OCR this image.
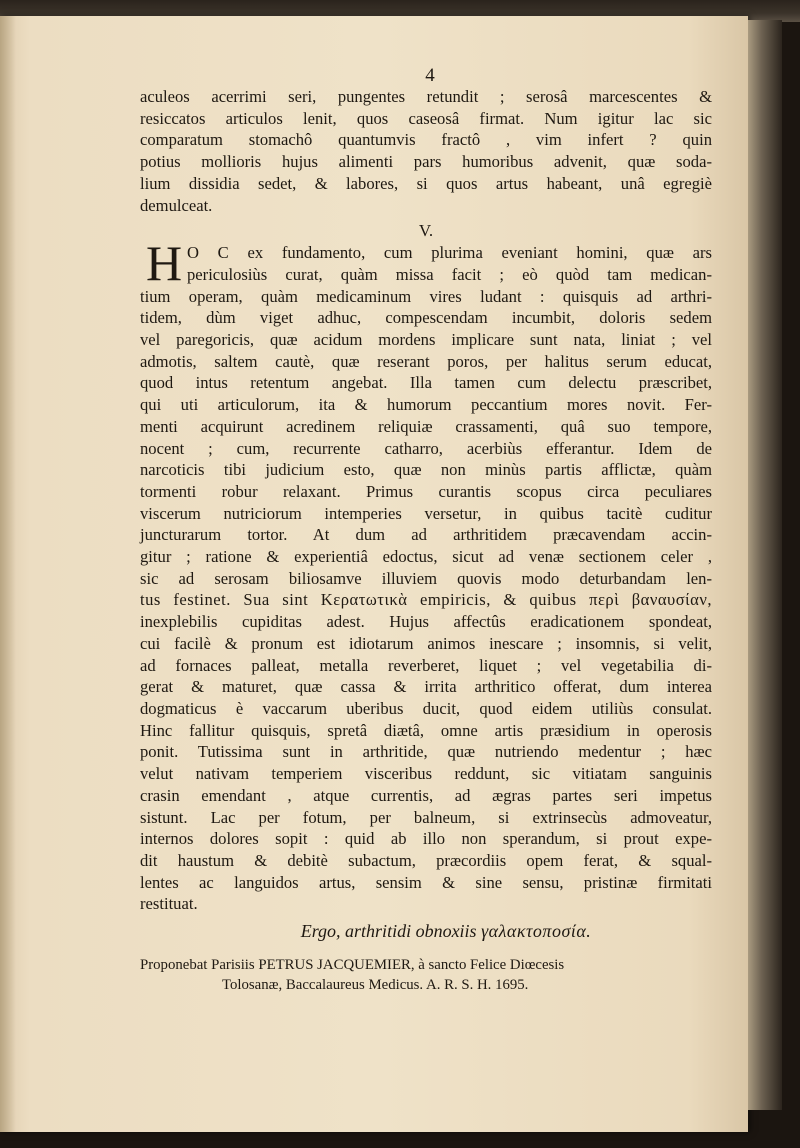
4
aculeos acerrimi seri, pungentes retundit ; serosâ marcescentes &
resiccatos articulos lenit, quos caseosâ firmat. Num igitur lac sic
comparatum stomachô quantumvis fractô , vim infert ? quin
potius mollioris hujus alimenti pars humoribus advenit, quæ soda-
lium dissidia sedet, & labores, si quos artus habeant, unâ egregiè
demulceat.
V.
H O C ex fundamento, cum plurima eveniant homini, quæ ars
periculosiùs curat, quàm missa facit ; eò quòd tam medican-
tium operam, quàm medicaminum vires ludant : quisquis ad arthri-
tidem, dùm viget adhuc, compescendam incumbit, doloris sedem
vel paregoricis, quæ acidum mordens implicare sunt nata, liniat ; vel
admotis, saltem cautè, quæ reserant poros, per halitus serum educat,
quod intus retentum angebat. Illa tamen cum delectu præscribet,
qui uti articulorum, ita & humorum peccantium mores novit. Fer-
menti acquirunt acredinem reliquiæ crassamenti, quâ suo tempore,
nocent ; cum, recurrente catharro, acerbiùs efferantur. Idem de
narcoticis tibi judicium esto, quæ non minùs partis afflictæ, quàm
tormenti robur relaxant. Primus curantis scopus circa peculiares
viscerum nutriciorum intemperies versetur, in quibus tacitè cuditur
juncturarum tortor. At dum ad arthritidem præcavendam accin-
gitur ; ratione & experientiâ edoctus, sicut ad venæ sectionem celer ,
sic ad serosam biliosamve illuviem quovis modo deturbandam len-
tus festinet. Sua sint Κερατωτικὰ empiricis, & quibus περὶ βαναυσίαν,
inexplebilis cupiditas adest. Hujus affectûs eradicationem spondeat,
cui facilè & pronum est idiotarum animos inescare ; insomnis, si velit,
ad fornaces palleat, metalla reverberet, liquet ; vel vegetabilia di-
gerat & maturet, quæ cassa & irrita arthritico offerat, dum interea
dogmaticus è vaccarum uberibus ducit, quod eidem utiliùs consulat.
Hinc fallitur quisquis, spretâ diætâ, omne artis præsidium in operosis
ponit. Tutissima sunt in arthritide, quæ nutriendo medentur ; hæc
velut nativam temperiem visceribus reddunt, sic vitiatam sanguinis
crasin emendant , atque currentis, ad ægras partes seri impetus
sistunt. Lac per fotum, per balneum, si extrinsecùs admoveatur,
internos dolores sopit : quid ab illo non sperandum, si prout expe-
dit haustum & debitè subactum, præcordiis opem ferat, & squal-
lentes ac languidos artus, sensim & sine sensu, pristinæ firmitati
restituat.
Ergo, arthritidi obnoxiis γαλακτοποσία.
Proponebat Parisiis PETRUS JACQUEMIER, à sancto Felice Diœcesis
Tolosanæ, Baccalaureus Medicus. A. R. S. H. 1695.
